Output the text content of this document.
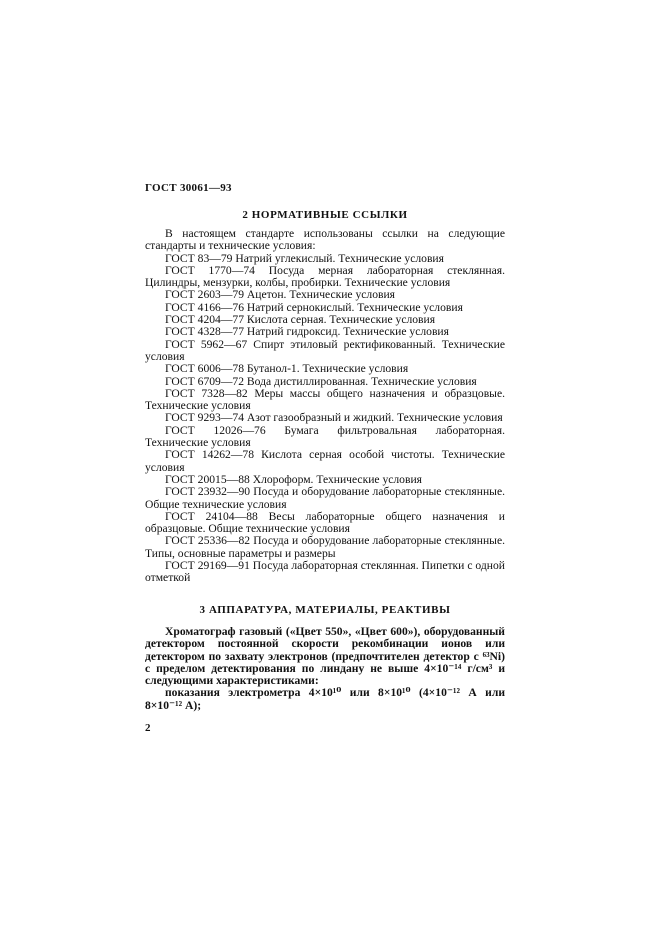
ГОСТ 30061—93
2 НОРМАТИВНЫЕ ССЫЛКИ

В настоящем стандарте использованы ссылки на следующие стандарты и технические условия:

ГОСТ 83—79 Натрий углекислый. Технические условия

ГОСТ 1770—74 Посуда мерная лабораторная стеклянная. Цилиндры, мензурки, колбы, пробирки. Технические условия

ГОСТ 2603—79 Ацетон. Технические условия

ГОСТ 4166—76 Натрий сернокислый. Технические условия

ГОСТ 4204—77 Кислота серная. Технические условия

ГОСТ 4328—77 Натрий гидроксид. Технические условия

ГОСТ 5962—67 Спирт этиловый ректификованный. Технические условия

ГОСТ 6006—78 Бутанол-1. Технические условия

ГОСТ 6709—72 Вода дистиллированная. Технические условия

ГОСТ 7328—82 Меры массы общего назначения и образцовые. Технические условия

ГОСТ 9293—74 Азот газообразный и жидкий. Технические условия

ГОСТ 12026—76 Бумага фильтровальная лабораторная. Технические условия

ГОСТ 14262—78 Кислота серная особой чистоты. Технические условия

ГОСТ 20015—88 Хлороформ. Технические условия

ГОСТ 23932—90 Посуда и оборудование лабораторные стеклянные. Общие технические условия

ГОСТ 24104—88 Весы лабораторные общего назначения и образцовые. Общие технические условия

ГОСТ 25336—82 Посуда и оборудование лабораторные стеклянные. Типы, основные параметры и размеры

ГОСТ 29169—91 Посуда лабораторная стеклянная. Пипетки с одной отметкой

3 АППАРАТУРА, МАТЕРИАЛЫ, РЕАКТИВЫ

Хроматограф газовый («Цвет 550», «Цвет 600»), оборудованный детектором постоянной скорости рекомбинации ионов или детектором по захвату электронов (предпочтителен детектор с ⁶³Ni) с пределом детектирования по линдану не выше 4×10⁻¹⁴ г/см³ и следующими характеристиками:

показания электрометра 4×10¹⁰ или 8×10¹⁰ (4×10⁻¹² А или 8×10⁻¹² А);

2
